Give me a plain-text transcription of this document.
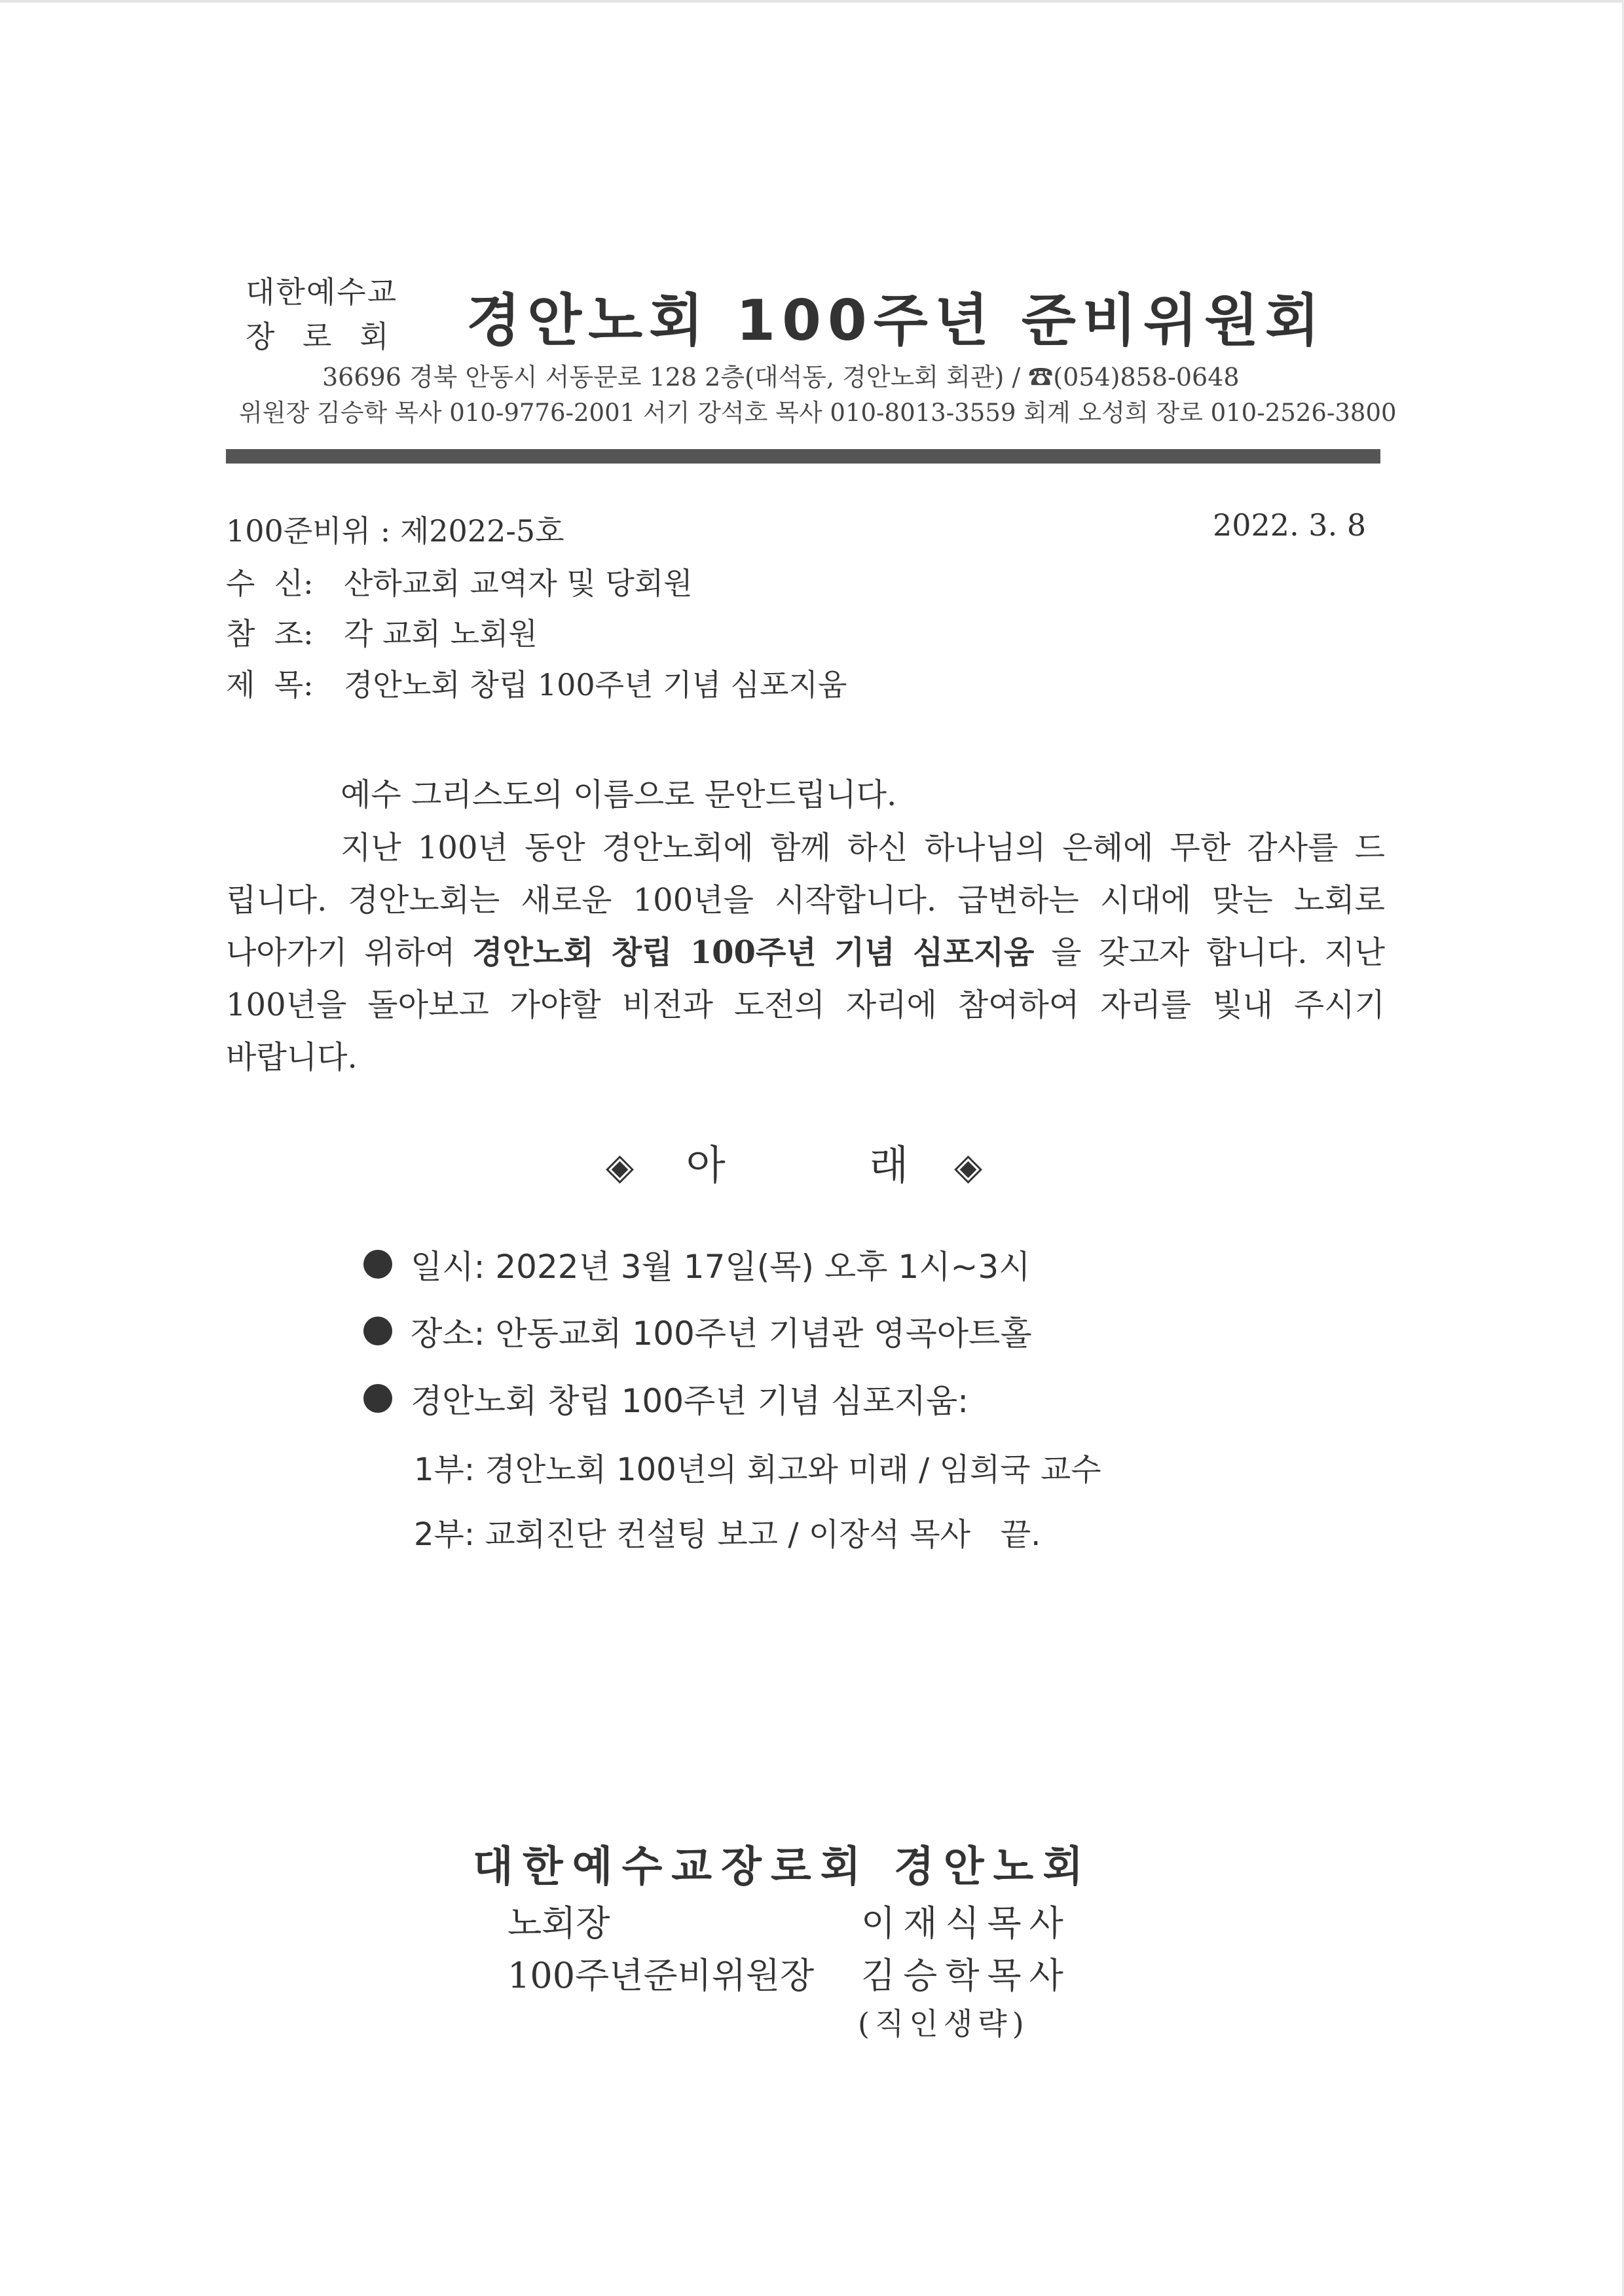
대한예수교
장 로 회 경안노회 100주년 준비위원회
36696 경북 안동시 서동문로 128 2층(대석동, 경안노회 회관) / ☎(054)858-0648
위원장 김승학 목사 010-9776-2001 서기 강석호 목사 010-8013-3559 회계 오성희 장로 010-2526-3800
100준비위 : 제2022-5호	2022. 3. 8
수  신: 산하교회 교역자 및 당회원
참  조: 각 교회 노회원
제  목: 경안노회 창립 100주년 기념 심포지움
예수 그리스도의 이름으로 문안드립니다.
지난 100년 동안 경안노회에 함께 하신 하나님의 은혜에 무한 감사를 드
립니다. 경안노회는 새로운 100년을 시작합니다. 급변하는 시대에 맞는 노회로
나아가기 위하여 경안노회 창립 100주년 기념 심포지움 을 갖고자 합니다. 지난
100년을 돌아보고 가야할 비전과 도전의 자리에 참여하여 자리를 빛내 주시기
바랍니다.
◈ 아	래 ◈
일시: 2022년 3월 17일(목) 오후 1시~3시
장소: 안동교회 100주년 기념관 영곡아트홀
경안노회 창립 100주년 기념 심포지움:
1부: 경안노회 100년의 회고와 미래 / 임희국 교수
2부: 교회진단 컨설팅 보고 / 이장석 목사   끝.
대한예수교장로회 경안노회
노회장	이재식목사
100주년준비위원장 김승학목사
(직인생략)
